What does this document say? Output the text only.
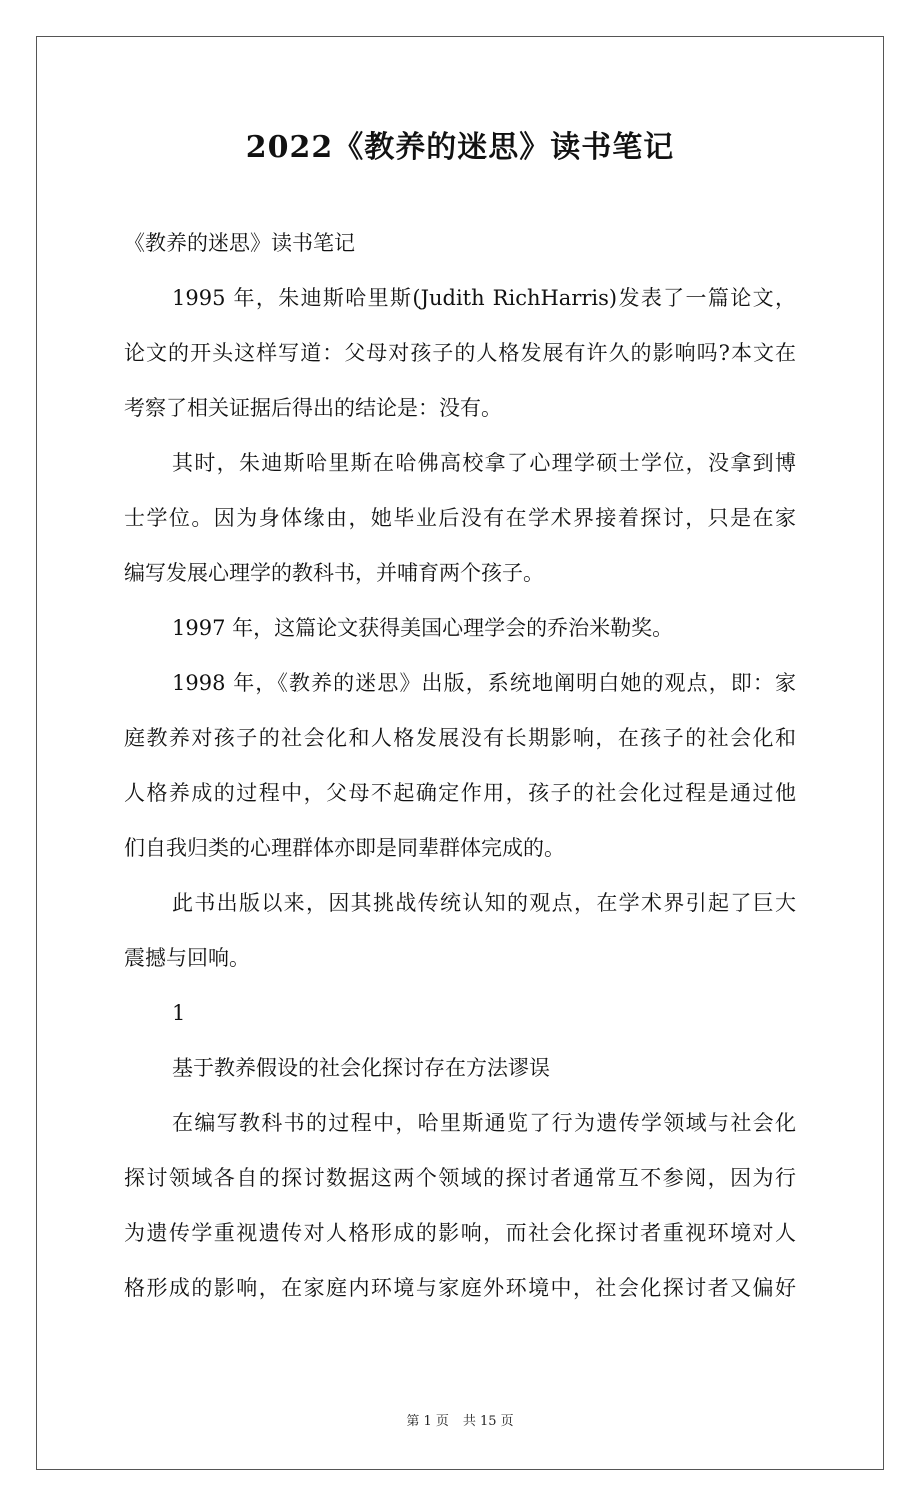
2022《教养的迷思》读书笔记

《教养的迷思》读书笔记

1995 年，朱迪斯哈里斯(Judith RichHarris)发表了一篇论文，

论文的开头这样写道：父母对孩子的人格发展有许久的影响吗?本文在

考察了相关证据后得出的结论是：没有。

其时，朱迪斯哈里斯在哈佛高校拿了心理学硕士学位，没拿到博

士学位。因为身体缘由，她毕业后没有在学术界接着探讨，只是在家

编写发展心理学的教科书，并哺育两个孩子。

1997 年，这篇论文获得美国心理学会的乔治米勒奖。

1998 年，《教养的迷思》出版，系统地阐明白她的观点，即：家

庭教养对孩子的社会化和人格发展没有长期影响，在孩子的社会化和

人格养成的过程中，父母不起确定作用，孩子的社会化过程是通过他

们自我归类的心理群体亦即是同辈群体完成的。

此书出版以来，因其挑战传统认知的观点，在学术界引起了巨大

震撼与回响。

1

基于教养假设的社会化探讨存在方法谬误

在编写教科书的过程中，哈里斯通览了行为遗传学领域与社会化

探讨领域各自的探讨数据这两个领域的探讨者通常互不参阅，因为行

为遗传学重视遗传对人格形成的影响，而社会化探讨者重视环境对人

格形成的影响，在家庭内环境与家庭外环境中，社会化探讨者又偏好

第 1 页 共 15 页
